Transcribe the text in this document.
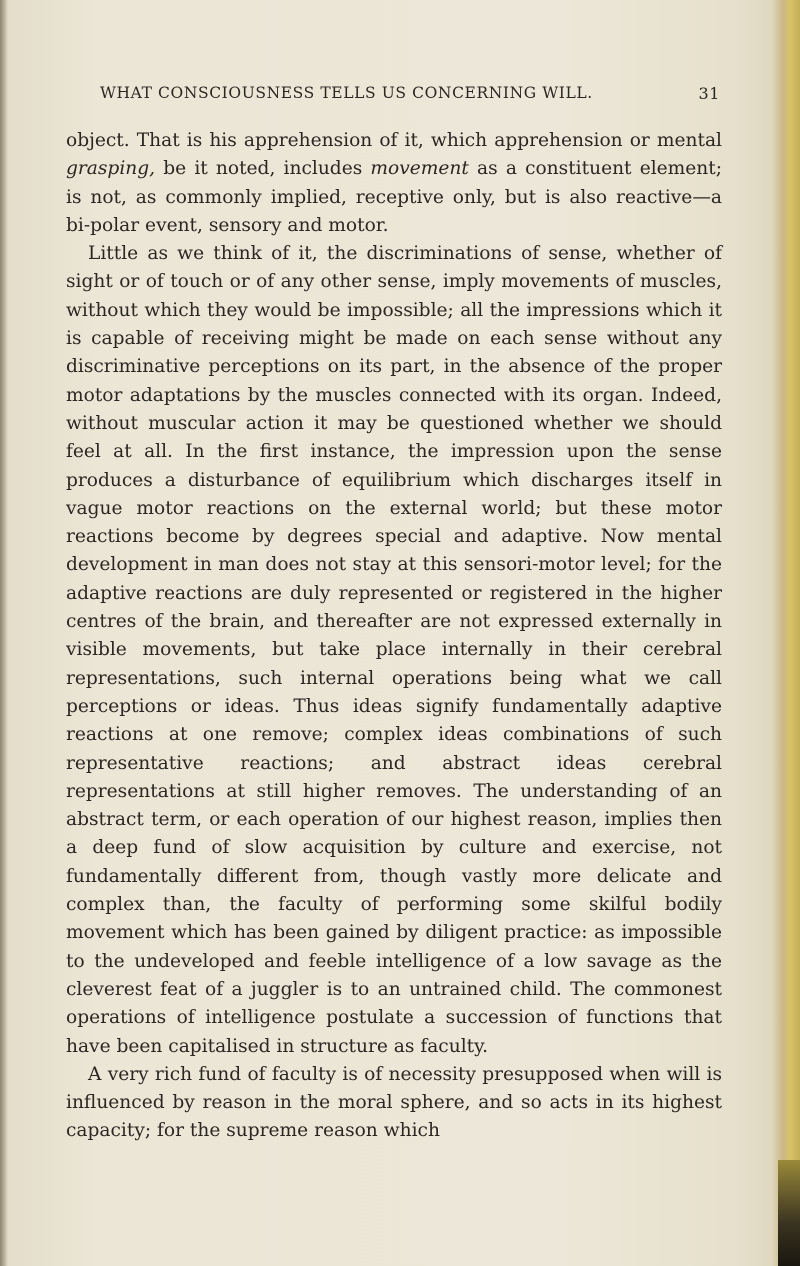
WHAT CONSCIOUSNESS TELLS US CONCERNING WILL.	31

object. That is his apprehension of it, which apprehension or mental grasping, be it noted, includes movement as a constituent element; is not, as commonly implied, receptive only, but is also reactive—a bi-polar event, sensory and motor.

Little as we think of it, the discriminations of sense, whether of sight or of touch or of any other sense, imply movements of muscles, without which they would be impossible; all the impressions which it is capable of receiving might be made on each sense without any discriminative perceptions on its part, in the absence of the proper motor adaptations by the muscles connected with its organ. Indeed, without muscular action it may be questioned whether we should feel at all. In the first instance, the impression upon the sense produces a disturbance of equilibrium which discharges itself in vague motor reactions on the external world; but these motor reactions become by degrees special and adaptive. Now mental development in man does not stay at this sensori-motor level; for the adaptive reactions are duly represented or registered in the higher centres of the brain, and thereafter are not expressed externally in visible movements, but take place internally in their cerebral representations, such internal operations being what we call perceptions or ideas. Thus ideas signify fundamentally adaptive reactions at one remove; complex ideas combinations of such representative reactions; and abstract ideas cerebral representations at still higher removes. The understanding of an abstract term, or each operation of our highest reason, implies then a deep fund of slow acquisition by culture and exercise, not fundamentally different from, though vastly more delicate and complex than, the faculty of performing some skilful bodily movement which has been gained by diligent practice: as impossible to the undeveloped and feeble intelligence of a low savage as the cleverest feat of a juggler is to an untrained child. The commonest operations of intelligence postulate a succession of functions that have been capitalised in structure as faculty.

A very rich fund of faculty is of necessity presupposed when will is influenced by reason in the moral sphere, and so acts in its highest capacity; for the supreme reason which
